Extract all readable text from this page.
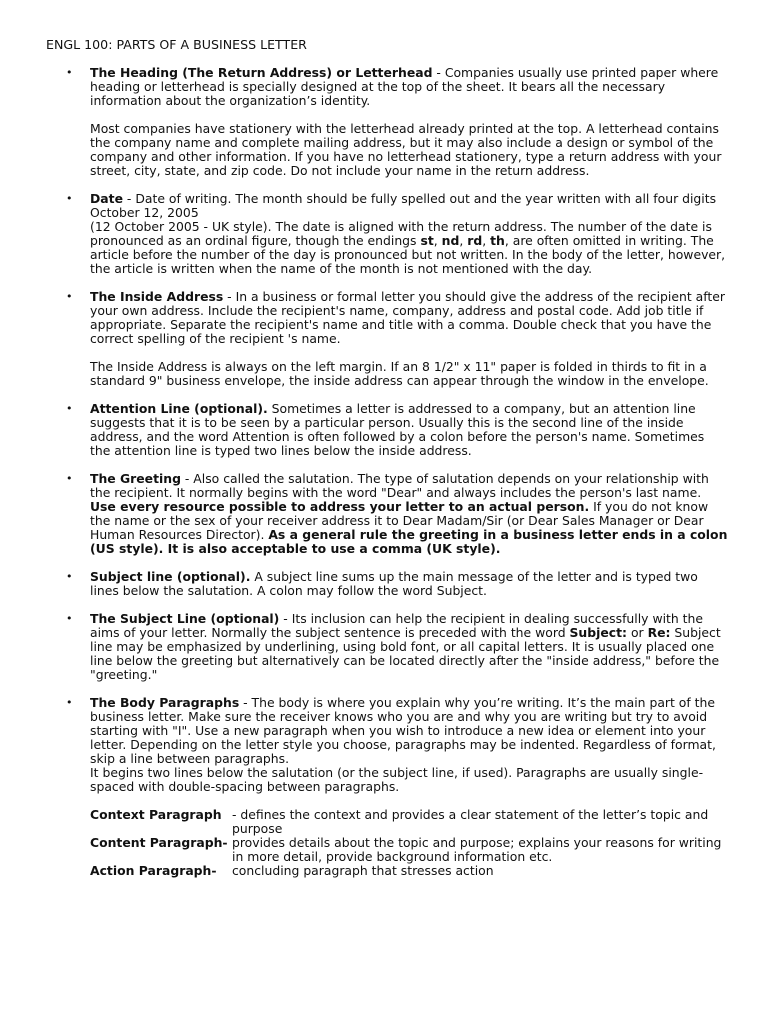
ENGL 100: PARTS OF A BUSINESS LETTER
• The Heading (The Return Address) or Letterhead - Companies usually use printed paper where heading or letterhead is specially designed at the top of the sheet. It bears all the necessary information about the organization’s identity.

Most companies have stationery with the letterhead already printed at the top. A letterhead contains the company name and complete mailing address, but it may also include a design or symbol of the company and other information. If you have no letterhead stationery, type a return address with your street, city, state, and zip code. Do not include your name in the return address.

• Date - Date of writing. The month should be fully spelled out and the year written with all four digits October 12, 2005
(12 October 2005 - UK style). The date is aligned with the return address. The number of the date is pronounced as an ordinal figure, though the endings st, nd, rd, th, are often omitted in writing. The article before the number of the day is pronounced but not written. In the body of the letter, however, the article is written when the name of the month is not mentioned with the day.

• The Inside Address - In a business or formal letter you should give the address of the recipient after your own address. Include the recipient's name, company, address and postal code. Add job title if appropriate. Separate the recipient's name and title with a comma. Double check that you have the correct spelling of the recipient 's name.

The Inside Address is always on the left margin. If an 8 1/2" x 11" paper is folded in thirds to fit in a standard 9" business envelope, the inside address can appear through the window in the envelope.

• Attention Line (optional). Sometimes a letter is addressed to a company, but an attention line suggests that it is to be seen by a particular person. Usually this is the second line of the inside address, and the word Attention is often followed by a colon before the person's name. Sometimes the attention line is typed two lines below the inside address.

• The Greeting - Also called the salutation. The type of salutation depends on your relationship with the recipient. It normally begins with the word "Dear" and always includes the person's last name. Use every resource possible to address your letter to an actual person. If you do not know the name or the sex of your receiver address it to Dear Madam/Sir (or Dear Sales Manager or Dear Human Resources Director). As a general rule the greeting in a business letter ends in a colon (US style). It is also acceptable to use a comma (UK style).

• Subject line (optional). A subject line sums up the main message of the letter and is typed two lines below the salutation. A colon may follow the word Subject.

• The Subject Line (optional) - Its inclusion can help the recipient in dealing successfully with the aims of your letter. Normally the subject sentence is preceded with the word Subject: or Re: Subject line may be emphasized by underlining, using bold font, or all capital letters. It is usually placed one line below the greeting but alternatively can be located directly after the "inside address," before the "greeting."

• The Body Paragraphs - The body is where you explain why you’re writing. It’s the main part of the business letter. Make sure the receiver knows who you are and why you are writing but try to avoid starting with "I". Use a new paragraph when you wish to introduce a new idea or element into your letter. Depending on the letter style you choose, paragraphs may be indented. Regardless of format, skip a line between paragraphs.
It begins two lines below the salutation (or the subject line, if used). Paragraphs are usually single-spaced with double-spacing between paragraphs.

Context Paragraph - defines the context and provides a clear statement of the letter’s topic and purpose
Content Paragraph- provides details about the topic and purpose; explains your reasons for writing in more detail, provide background information etc.
Action Paragraph-	concluding paragraph that stresses action
